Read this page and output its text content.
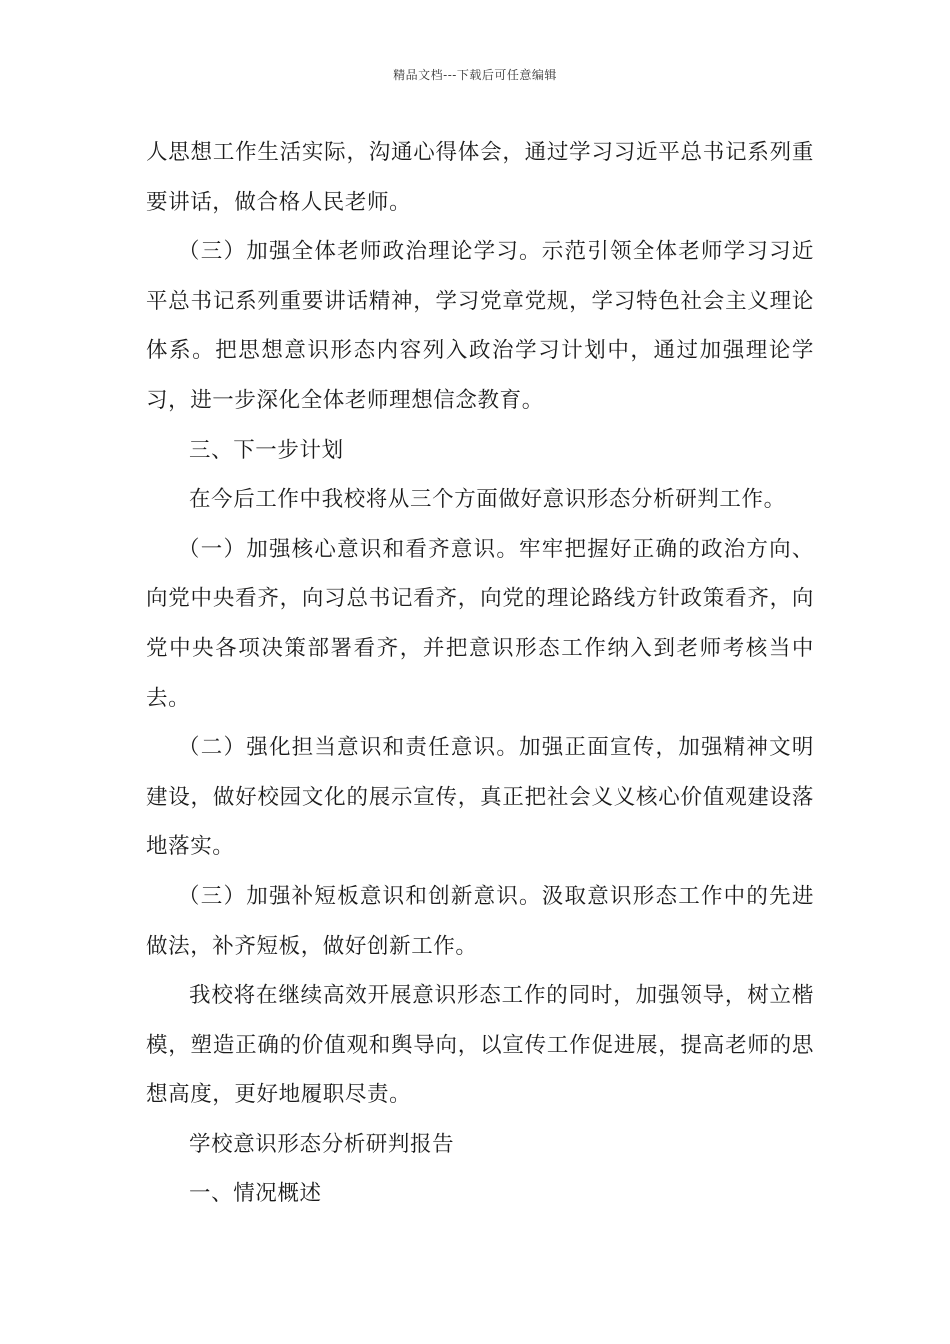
精品文档---下载后可任意编辑

人思想工作生活实际，沟通心得体会，通过学习习近平总书记系列重要讲话，做合格人民老师。

（三）加强全体老师政治理论学习。示范引领全体老师学习习近平总书记系列重要讲话精神，学习党章党规，学习特色社会主义理论体系。把思想意识形态内容列入政治学习计划中，通过加强理论学习，进一步深化全体老师理想信念教育。

三、下一步计划

在今后工作中我校将从三个方面做好意识形态分析研判工作。

（一）加强核心意识和看齐意识。牢牢把握好正确的政治方向、向党中央看齐，向习总书记看齐，向党的理论路线方针政策看齐，向党中央各项决策部署看齐，并把意识形态工作纳入到老师考核当中去。

（二）强化担当意识和责任意识。加强正面宣传，加强精神文明建设，做好校园文化的展示宣传，真正把社会义义核心价值观建设落地落实。

（三）加强补短板意识和创新意识。汲取意识形态工作中的先进做法，补齐短板，做好创新工作。

我校将在继续高效开展意识形态工作的同时，加强领导，树立楷模，塑造正确的价值观和舆导向，以宣传工作促进展，提高老师的思想高度，更好地履职尽责。

学校意识形态分析研判报告

一、情况概述
